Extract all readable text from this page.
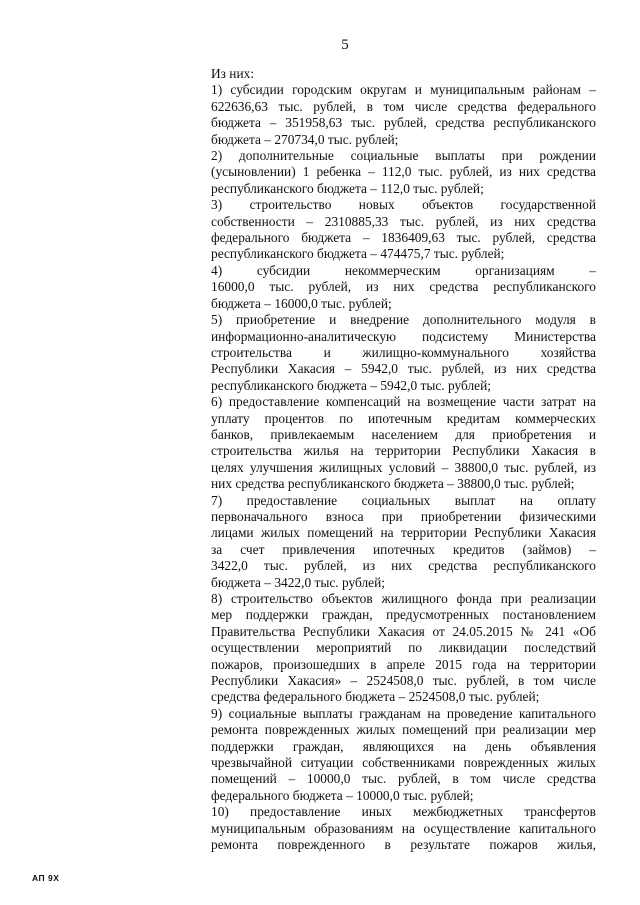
5
Из них:
1) субсидии городским округам и муниципальным районам –
622636,63 тыс. рублей, в том числе средства федерального
бюджета – 351958,63 тыс. рублей, средства республиканского
бюджета – 270734,0 тыс. рублей;
2) дополнительные социальные выплаты при рождении
(усыновлении) 1 ребенка – 112,0 тыс. рублей, из них средства
республиканского бюджета – 112,0 тыс. рублей;
3) строительство новых объектов государственной
собственности – 2310885,33 тыс. рублей, из них средства
федерального бюджета – 1836409,63 тыс. рублей, средства
республиканского бюджета – 474475,7 тыс. рублей;
4) субсидии некоммерческим организациям –
16000,0 тыс. рублей, из них средства республиканского
бюджета – 16000,0 тыс. рублей;
5) приобретение и внедрение дополнительного модуля в
информационно-аналитическую подсистему Министерства
строительства и жилищно-коммунального хозяйства
Республики Хакасия – 5942,0 тыс. рублей, из них средства
республиканского бюджета – 5942,0 тыс. рублей;
6) предоставление компенсаций на возмещение части затрат на
уплату процентов по ипотечным кредитам коммерческих
банков, привлекаемым населением для приобретения и
строительства жилья на территории Республики Хакасия в
целях улучшения жилищных условий – 38800,0 тыс. рублей, из
них средства республиканского бюджета – 38800,0 тыс. рублей;
7) предоставление социальных выплат на оплату
первоначального взноса при приобретении физическими
лицами жилых помещений на территории Республики Хакасия
за счет привлечения ипотечных кредитов (займов) –
3422,0 тыс. рублей, из них средства республиканского
бюджета – 3422,0 тыс. рублей;
8) строительство объектов жилищного фонда при реализации
мер поддержки граждан, предусмотренных постановлением
Правительства Республики Хакасия от 24.05.2015 № 241 «Об
осуществлении мероприятий по ликвидации последствий
пожаров, произошедших в апреле 2015 года на территории
Республики Хакасия» – 2524508,0 тыс. рублей, в том числе
средства федерального бюджета – 2524508,0 тыс. рублей;
9) социальные выплаты гражданам на проведение капитального
ремонта поврежденных жилых помещений при реализации мер
поддержки граждан, являющихся на день объявления
чрезвычайной ситуации собственниками поврежденных жилых
помещений – 10000,0 тыс. рублей, в том числе средства
федерального бюджета – 10000,0 тыс. рублей;
10) предоставление иных межбюджетных трансфертов
муниципальным образованиям на осуществление капитального
ремонта поврежденного в результате пожаров жилья,
АП 9Х
